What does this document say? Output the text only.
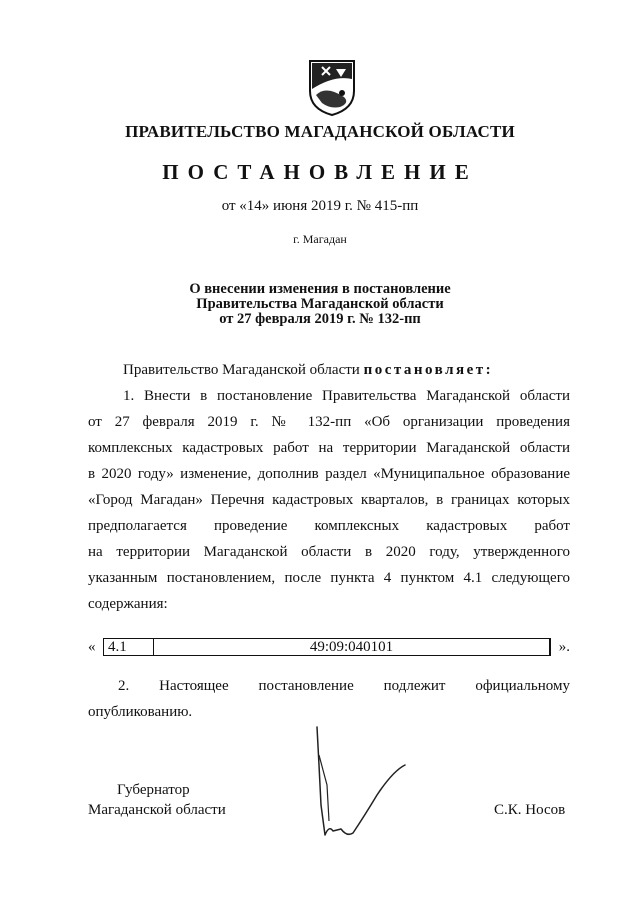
ПРАВИТЕЛЬСТВО МАГАДАНСКОЙ ОБЛАСТИ
ПОСТАНОВЛЕНИЕ
от «14» июня 2019 г. № 415-пп
г. Магадан
О внесении изменения в постановление
Правительства Магаданской области
от 27 февраля 2019 г. № 132-пп
Правительство Магаданской области постановляет:
1. Внести в постановление Правительства Магаданской области
от 27 февраля 2019 г. № 132-пп «Об организации проведения
комплексных кадастровых работ на территории Магаданской области
в 2020 году» изменение, дополнив раздел «Муниципальное образование
«Город Магадан» Перечня кадастровых кварталов, в границах которых
предполагается проведение комплексных кадастровых работ
на территории Магаданской области в 2020 году, утвержденного
указанным постановлением, после пункта 4 пунктом 4.1 следующего
содержания:
« 4.1	49:09:040101	».
2. Настоящее постановление подлежит официальному
опубликованию.
Губернатор
Магаданской области	С.К. Носов
